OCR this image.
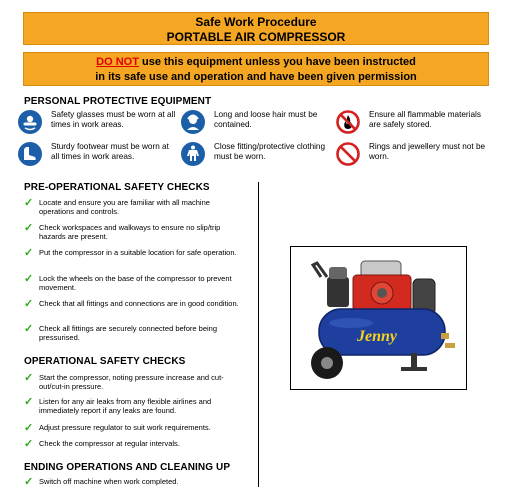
Safe Work Procedure
PORTABLE AIR COMPRESSOR
DO NOT use this equipment unless you have been instructed
in its safe use and operation and have been given permission
PERSONAL PROTECTIVE EQUIPMENT
Safety glasses must be worn at all times in work areas.
Long and loose hair must be contained.
Ensure all flammable materials are safely stored.
Sturdy footwear must be worn at all times in work areas.
Close fitting/protective clothing must be worn.
Rings and jewellery must not be worn.
PRE-OPERATIONAL SAFETY CHECKS
✓ Locate and ensure you are familiar with all machine operations and controls.
✓ Check workspaces and walkways to ensure no slip/trip hazards are present.
✓ Put the compressor in a suitable location for safe operation.
✓ Lock the wheels on the base of the compressor to prevent movement.
✓ Check that all fittings and connections are in good condition.
✓ Check all fittings are securely connected before being pressurised.
OPERATIONAL SAFETY CHECKS
✓ Start the compressor, noting pressure increase and cut-out/cut-in pressure.
✓ Listen for any air leaks from any flexible airlines and immediately report if any leaks are found.
✓ Adjust pressure regulator to suit work requirements.
✓ Check the compressor at regular intervals.
ENDING OPERATIONS AND CLEANING UP
✓ Switch off machine when work completed.
Jenny
